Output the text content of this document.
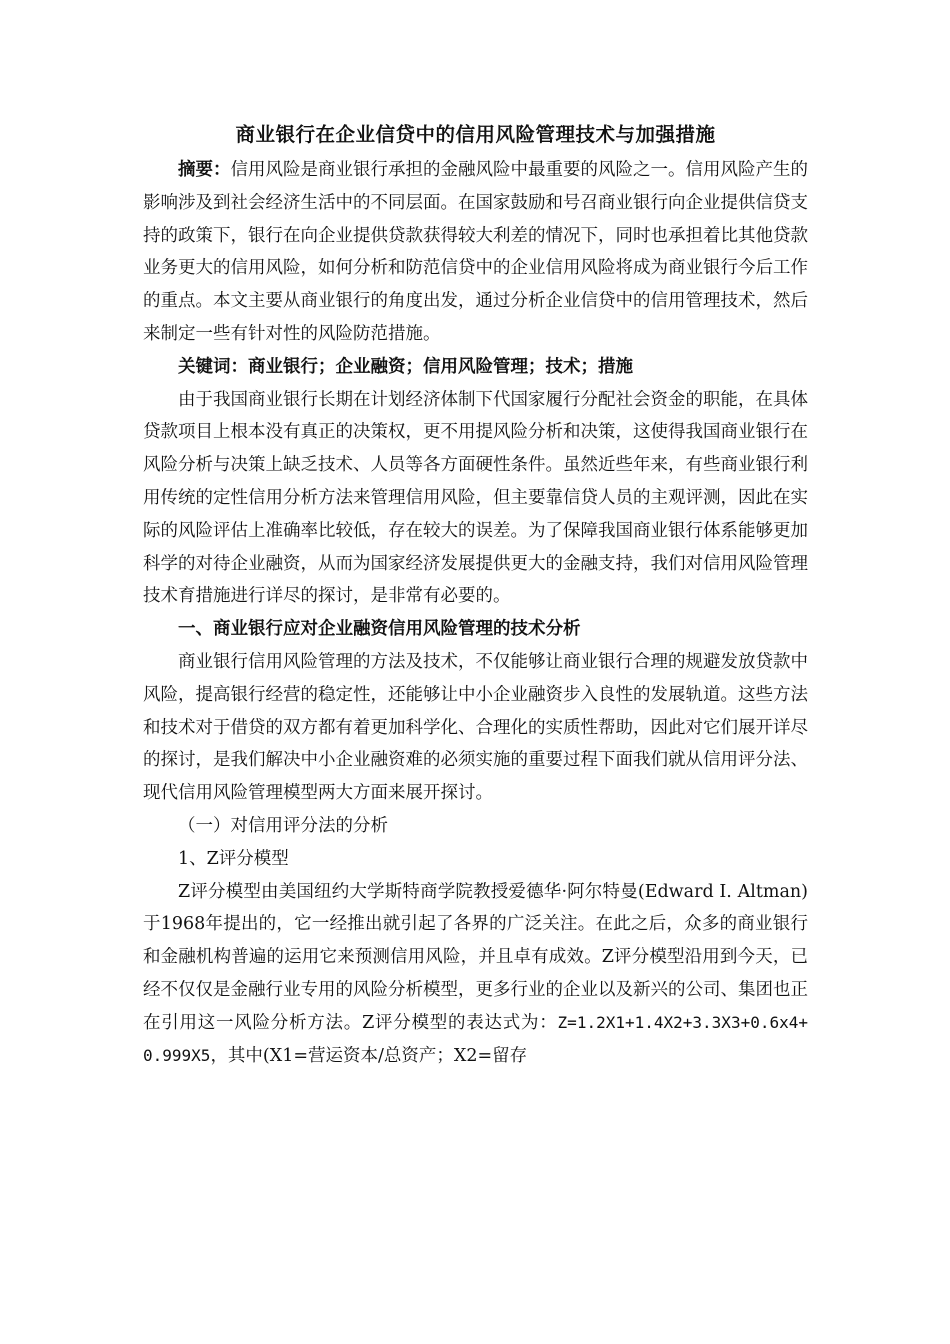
商业银行在企业信贷中的信用风险管理技术与加强措施

摘要：信用风险是商业银行承担的金融风险中最重要的风险之一。信用风险产生的影响涉及到社会经济生活中的不同层面。在国家鼓励和号召商业银行向企业提供信贷支持的政策下，银行在向企业提供贷款获得较大利差的情况下，同时也承担着比其他贷款业务更大的信用风险，如何分析和防范信贷中的企业信用风险将成为商业银行今后工作的重点。本文主要从商业银行的角度出发，通过分析企业信贷中的信用管理技术，然后来制定一些有针对性的风险防范措施。

关键词：商业银行；企业融资；信用风险管理；技术；措施

由于我国商业银行长期在计划经济体制下代国家履行分配社会资金的职能，在具体贷款项目上根本没有真正的决策权，更不用提风险分析和决策，这使得我国商业银行在风险分析与决策上缺乏技术、人员等各方面硬性条件。虽然近些年来，有些商业银行利用传统的定性信用分析方法来管理信用风险，但主要靠信贷人员的主观评测，因此在实际的风险评估上准确率比较低，存在较大的误差。为了保障我国商业银行体系能够更加科学的对待企业融资，从而为国家经济发展提供更大的金融支持，我们对信用风险管理技术育措施进行详尽的探讨，是非常有必要的。

一、商业银行应对企业融资信用风险管理的技术分析

商业银行信用风险管理的方法及技术，不仅能够让商业银行合理的规避发放贷款中风险，提高银行经营的稳定性，还能够让中小企业融资步入良性的发展轨道。这些方法和技术对于借贷的双方都有着更加科学化、合理化的实质性帮助，因此对它们展开详尽的探讨，是我们解决中小企业融资难的必须实施的重要过程下面我们就从信用评分法、现代信用风险管理模型两大方面来展开探讨。

（一）对信用评分法的分析

1、Z评分模型

Z评分模型由美国纽约大学斯特商学院教授爱德华·阿尔特曼(Edward I. Altman)于1968年提出的，它一经推出就引起了各界的广泛关注。在此之后，众多的商业银行和金融机构普遍的运用它来预测信用风险，并且卓有成效。Z评分模型沿用到今天，已经不仅仅是金融行业专用的风险分析模型，更多行业的企业以及新兴的公司、集团也正在引用这一风险分析方法。Z评分模型的表达式为：Z=1.2X1+1.4X2+3.3X3+0.6x4+0.999X5，其中(X1=营运资本/总资产；X2=留存
